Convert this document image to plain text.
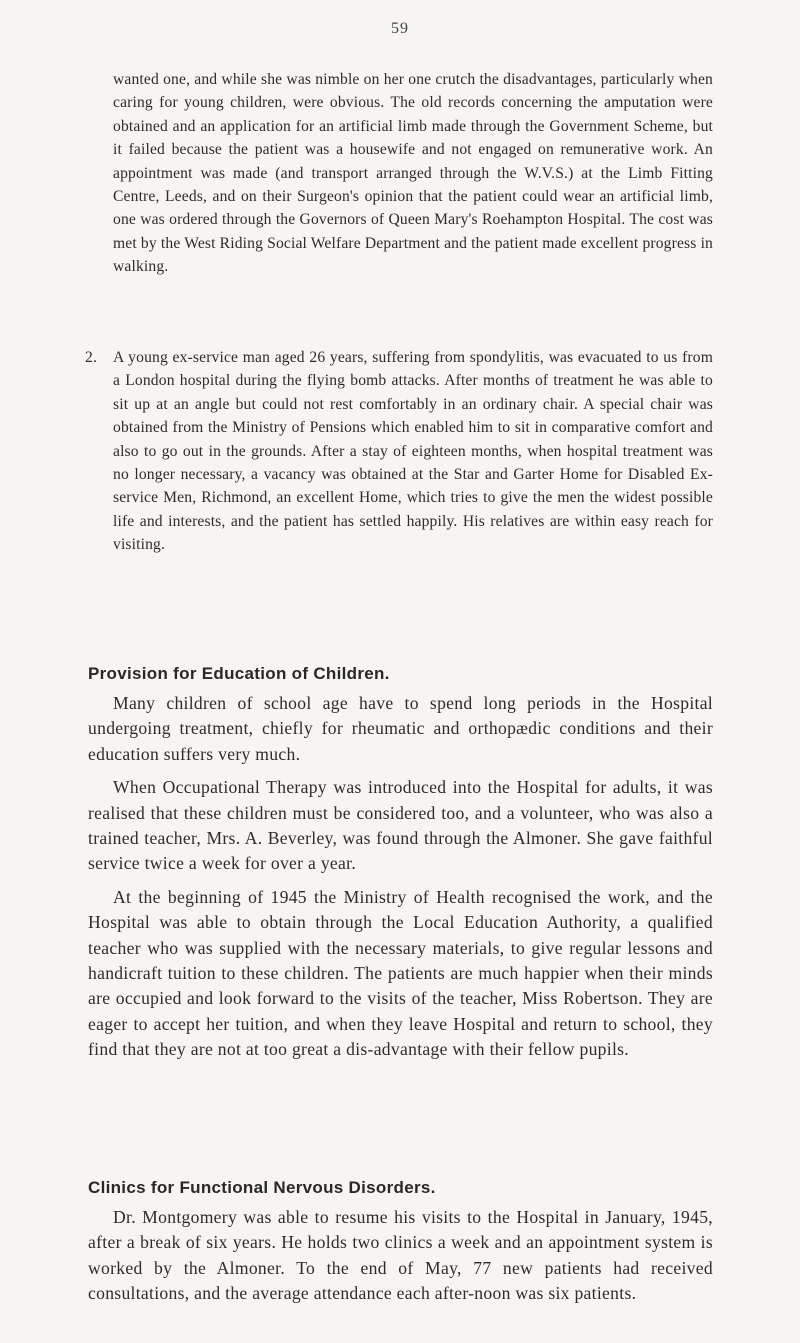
59

wanted one, and while she was nimble on her one crutch the disadvantages, particularly when caring for young children, were obvious. The old records concerning the amputation were obtained and an application for an artificial limb made through the Government Scheme, but it failed because the patient was a housewife and not engaged on remunerative work. An appointment was made (and transport arranged through the W.V.S.) at the Limb Fitting Centre, Leeds, and on their Surgeon's opinion that the patient could wear an artificial limb, one was ordered through the Governors of Queen Mary's Roehampton Hospital. The cost was met by the West Riding Social Welfare Department and the patient made excellent progress in walking.

2.	A young ex-service man aged 26 years, suffering from spondylitis, was evacuated to us from a London hospital during the flying bomb attacks. After months of treatment he was able to sit up at an angle but could not rest comfortably in an ordinary chair. A special chair was obtained from the Ministry of Pensions which enabled him to sit in comparative comfort and also to go out in the grounds. After a stay of eighteen months, when hospital treatment was no longer necessary, a vacancy was obtained at the Star and Garter Home for Disabled Ex-service Men, Richmond, an excellent Home, which tries to give the men the widest possible life and interests, and the patient has settled happily. His relatives are within easy reach for visiting.
Provision for Education of Children.

Many children of school age have to spend long periods in the Hospital undergoing treatment, chiefly for rheumatic and orthopædic conditions and their education suffers very much.

When Occupational Therapy was introduced into the Hospital for adults, it was realised that these children must be considered too, and a volunteer, who was also a trained teacher, Mrs. A. Beverley, was found through the Almoner. She gave faithful service twice a week for over a year.

At the beginning of 1945 the Ministry of Health recognised the work, and the Hospital was able to obtain through the Local Education Authority, a qualified teacher who was supplied with the necessary materials, to give regular lessons and handicraft tuition to these children. The patients are much happier when their minds are occupied and look forward to the visits of the teacher, Miss Robertson. They are eager to accept her tuition, and when they leave Hospital and return to school, they find that they are not at too great a dis-advantage with their fellow pupils.

Clinics for Functional Nervous Disorders.

Dr. Montgomery was able to resume his visits to the Hospital in January, 1945, after a break of six years. He holds two clinics a week and an appointment system is worked by the Almoner. To the end of May, 77 new patients had received consultations, and the average attendance each after-noon was six patients.
